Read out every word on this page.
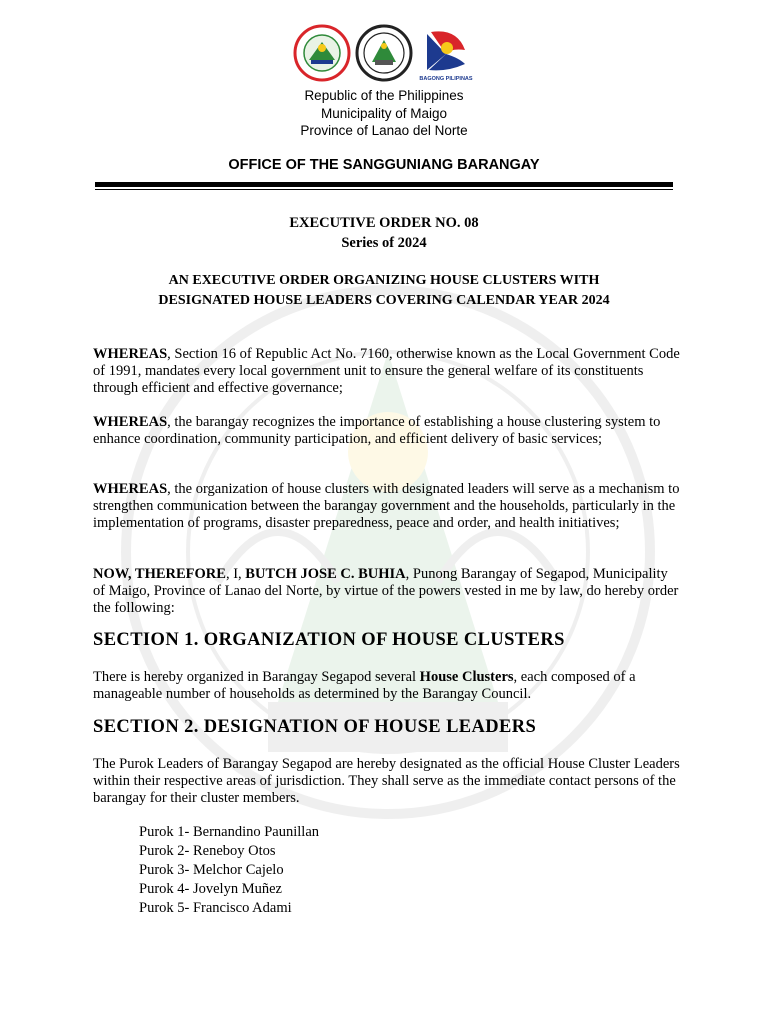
BAGONG PILIPINAS
Republic of the Philippines
Municipality of Maigo
Province of Lanao del Norte
OFFICE OF THE SANGGUNIANG BARANGAY
EXECUTIVE ORDER NO. 08
Series of 2024
AN EXECUTIVE ORDER ORGANIZING HOUSE CLUSTERS WITH
DESIGNATED HOUSE LEADERS COVERING CALENDAR YEAR 2024

WHEREAS, Section 16 of Republic Act No. 7160, otherwise known as the Local Government Code of 1991, mandates every local government unit to ensure the general welfare of its constituents through efficient and effective governance;

WHEREAS, the barangay recognizes the importance of establishing a house clustering system to enhance coordination, community participation, and efficient delivery of basic services;

WHEREAS, the organization of house clusters with designated leaders will serve as a mechanism to strengthen communication between the barangay government and the households, particularly in the implementation of programs, disaster preparedness, peace and order, and health initiatives;

NOW, THEREFORE, I, BUTCH JOSE C. BUHIA, Punong Barangay of Segapod, Municipality of Maigo, Province of Lanao del Norte, by virtue of the powers vested in me by law, do hereby order the following:

SECTION 1. ORGANIZATION OF HOUSE CLUSTERS

There is hereby organized in Barangay Segapod several House Clusters, each composed of a manageable number of households as determined by the Barangay Council.

SECTION 2. DESIGNATION OF HOUSE LEADERS

The Purok Leaders of Barangay Segapod are hereby designated as the official House Cluster Leaders within their respective areas of jurisdiction. They shall serve as the immediate contact persons of the barangay for their cluster members.

Purok 1- Bernandino Paunillan
Purok 2- Reneboy Otos
Purok 3- Melchor Cajelo
Purok 4- Jovelyn Muñez
Purok 5- Francisco Adami
